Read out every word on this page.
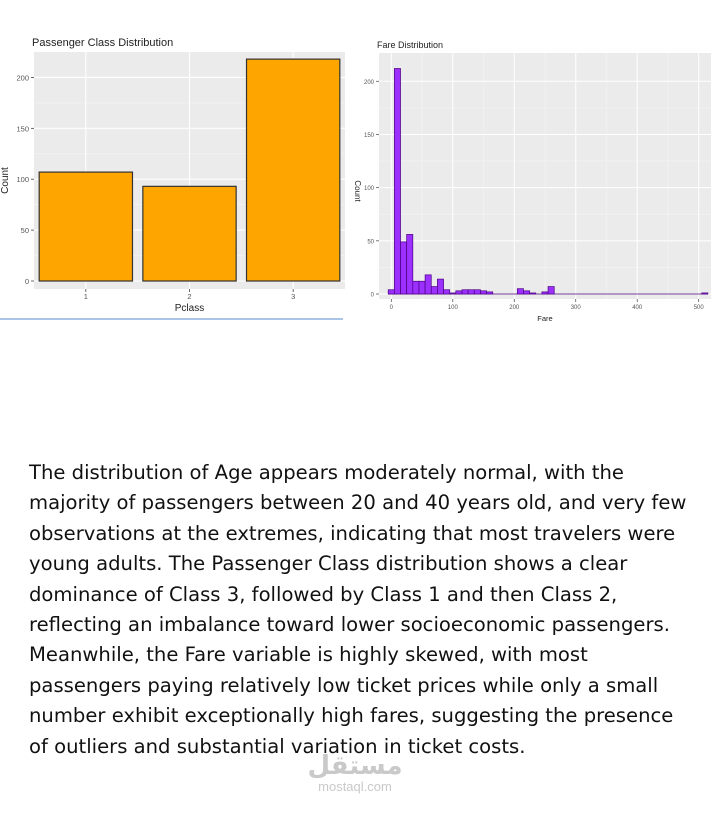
0
50
100
150
200
1	2	3
Pclass
Count
Passenger Class Distribution
0
50
100
150
200
0	100	200	300	400	500
Fare
Count
Fare Distribution

The distribution of Age appears moderately normal, with the majority of passengers between 20 and 40 years old, and very few observations at the extremes, indicating that most travelers were young adults. The Passenger Class distribution shows a clear dominance of Class 3, followed by Class 1 and then Class 2, reflecting an imbalance toward lower socioeconomic passengers. Meanwhile, the Fare variable is highly skewed, with most passengers paying relatively low ticket prices while only a small number exhibit exceptionally high fares, suggesting the presence of outliers and substantial variation in ticket costs.

مستقل
mostaql.com
